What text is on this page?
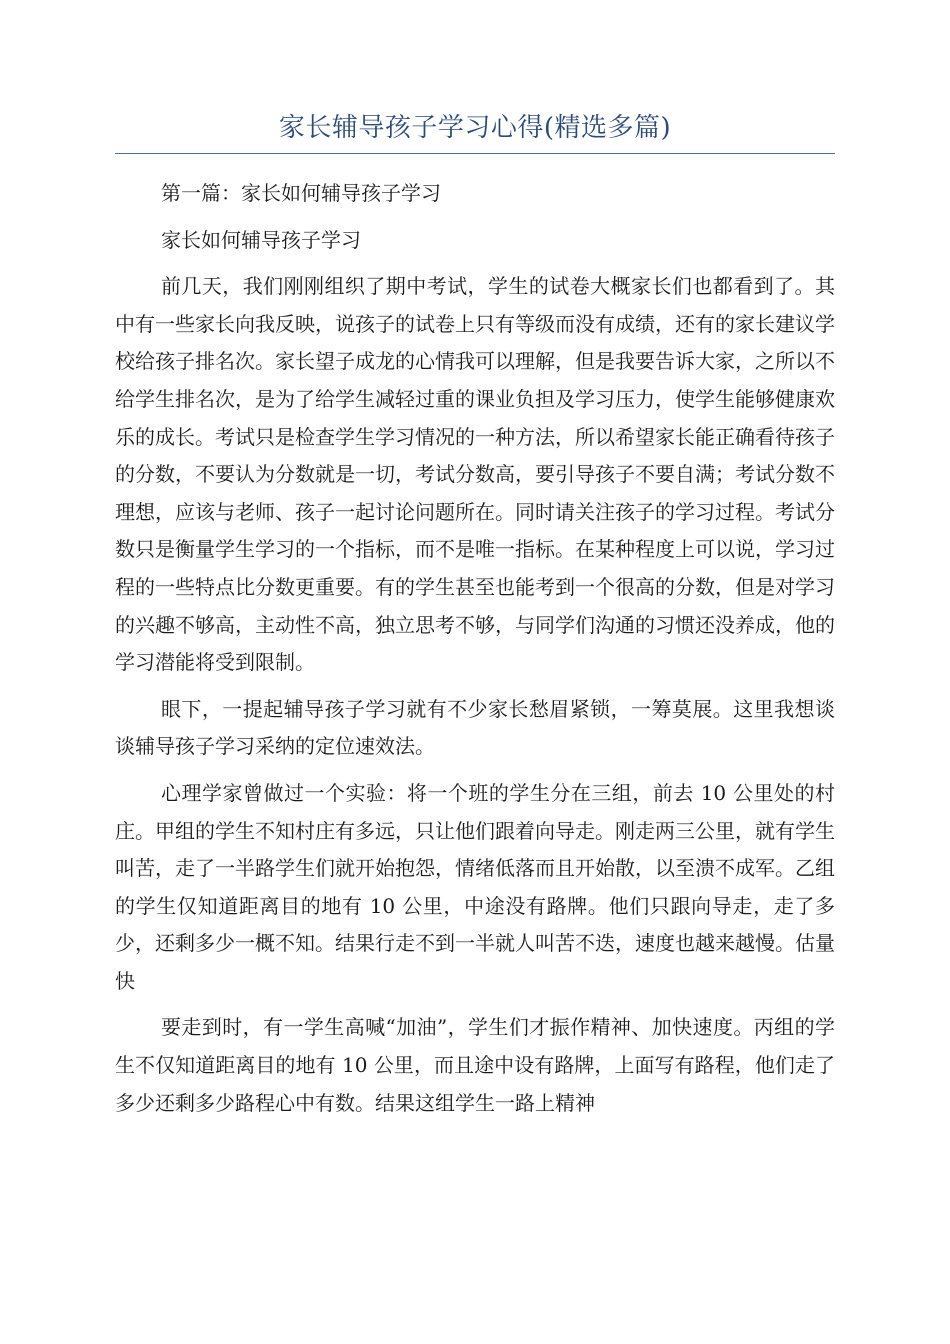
家长辅导孩子学习心得(精选多篇)

第一篇：家长如何辅导孩子学习

家长如何辅导孩子学习

前几天，我们刚刚组织了期中考试，学生的试卷大概家长们也都看到了。其中有一些家长向我反映，说孩子的试卷上只有等级而没有成绩，还有的家长建议学校给孩子排名次。家长望子成龙的心情我可以理解，但是我要告诉大家，之所以不给学生排名次，是为了给学生减轻过重的课业负担及学习压力，使学生能够健康欢乐的成长。考试只是检查学生学习情况的一种方法，所以希望家长能正确看待孩子的分数，不要认为分数就是一切，考试分数高，要引导孩子不要自满；考试分数不理想，应该与老师、孩子一起讨论问题所在。同时请关注孩子的学习过程。考试分数只是衡量学生学习的一个指标，而不是唯一指标。在某种程度上可以说，学习过程的一些特点比分数更重要。有的学生甚至也能考到一个很高的分数，但是对学习的兴趣不够高，主动性不高，独立思考不够，与同学们沟通的习惯还没养成，他的学习潜能将受到限制。

眼下，一提起辅导孩子学习就有不少家长愁眉紧锁，一筹莫展。这里我想谈谈辅导孩子学习采纳的定位速效法。

心理学家曾做过一个实验：将一个班的学生分在三组，前去 10 公里处的村庄。甲组的学生不知村庄有多远，只让他们跟着向导走。刚走两三公里，就有学生叫苦，走了一半路学生们就开始抱怨，情绪低落而且开始散，以至溃不成军。乙组的学生仅知道距离目的地有 10 公里，中途没有路牌。他们只跟向导走，走了多少，还剩多少一概不知。结果行走不到一半就人叫苦不迭，速度也越来越慢。估量快

要走到时，有一学生高喊“加油”，学生们才振作精神、加快速度。丙组的学生不仅知道距离目的地有 10 公里，而且途中设有路牌，上面写有路程，他们走了多少还剩多少路程心中有数。结果这组学生一路上精神
